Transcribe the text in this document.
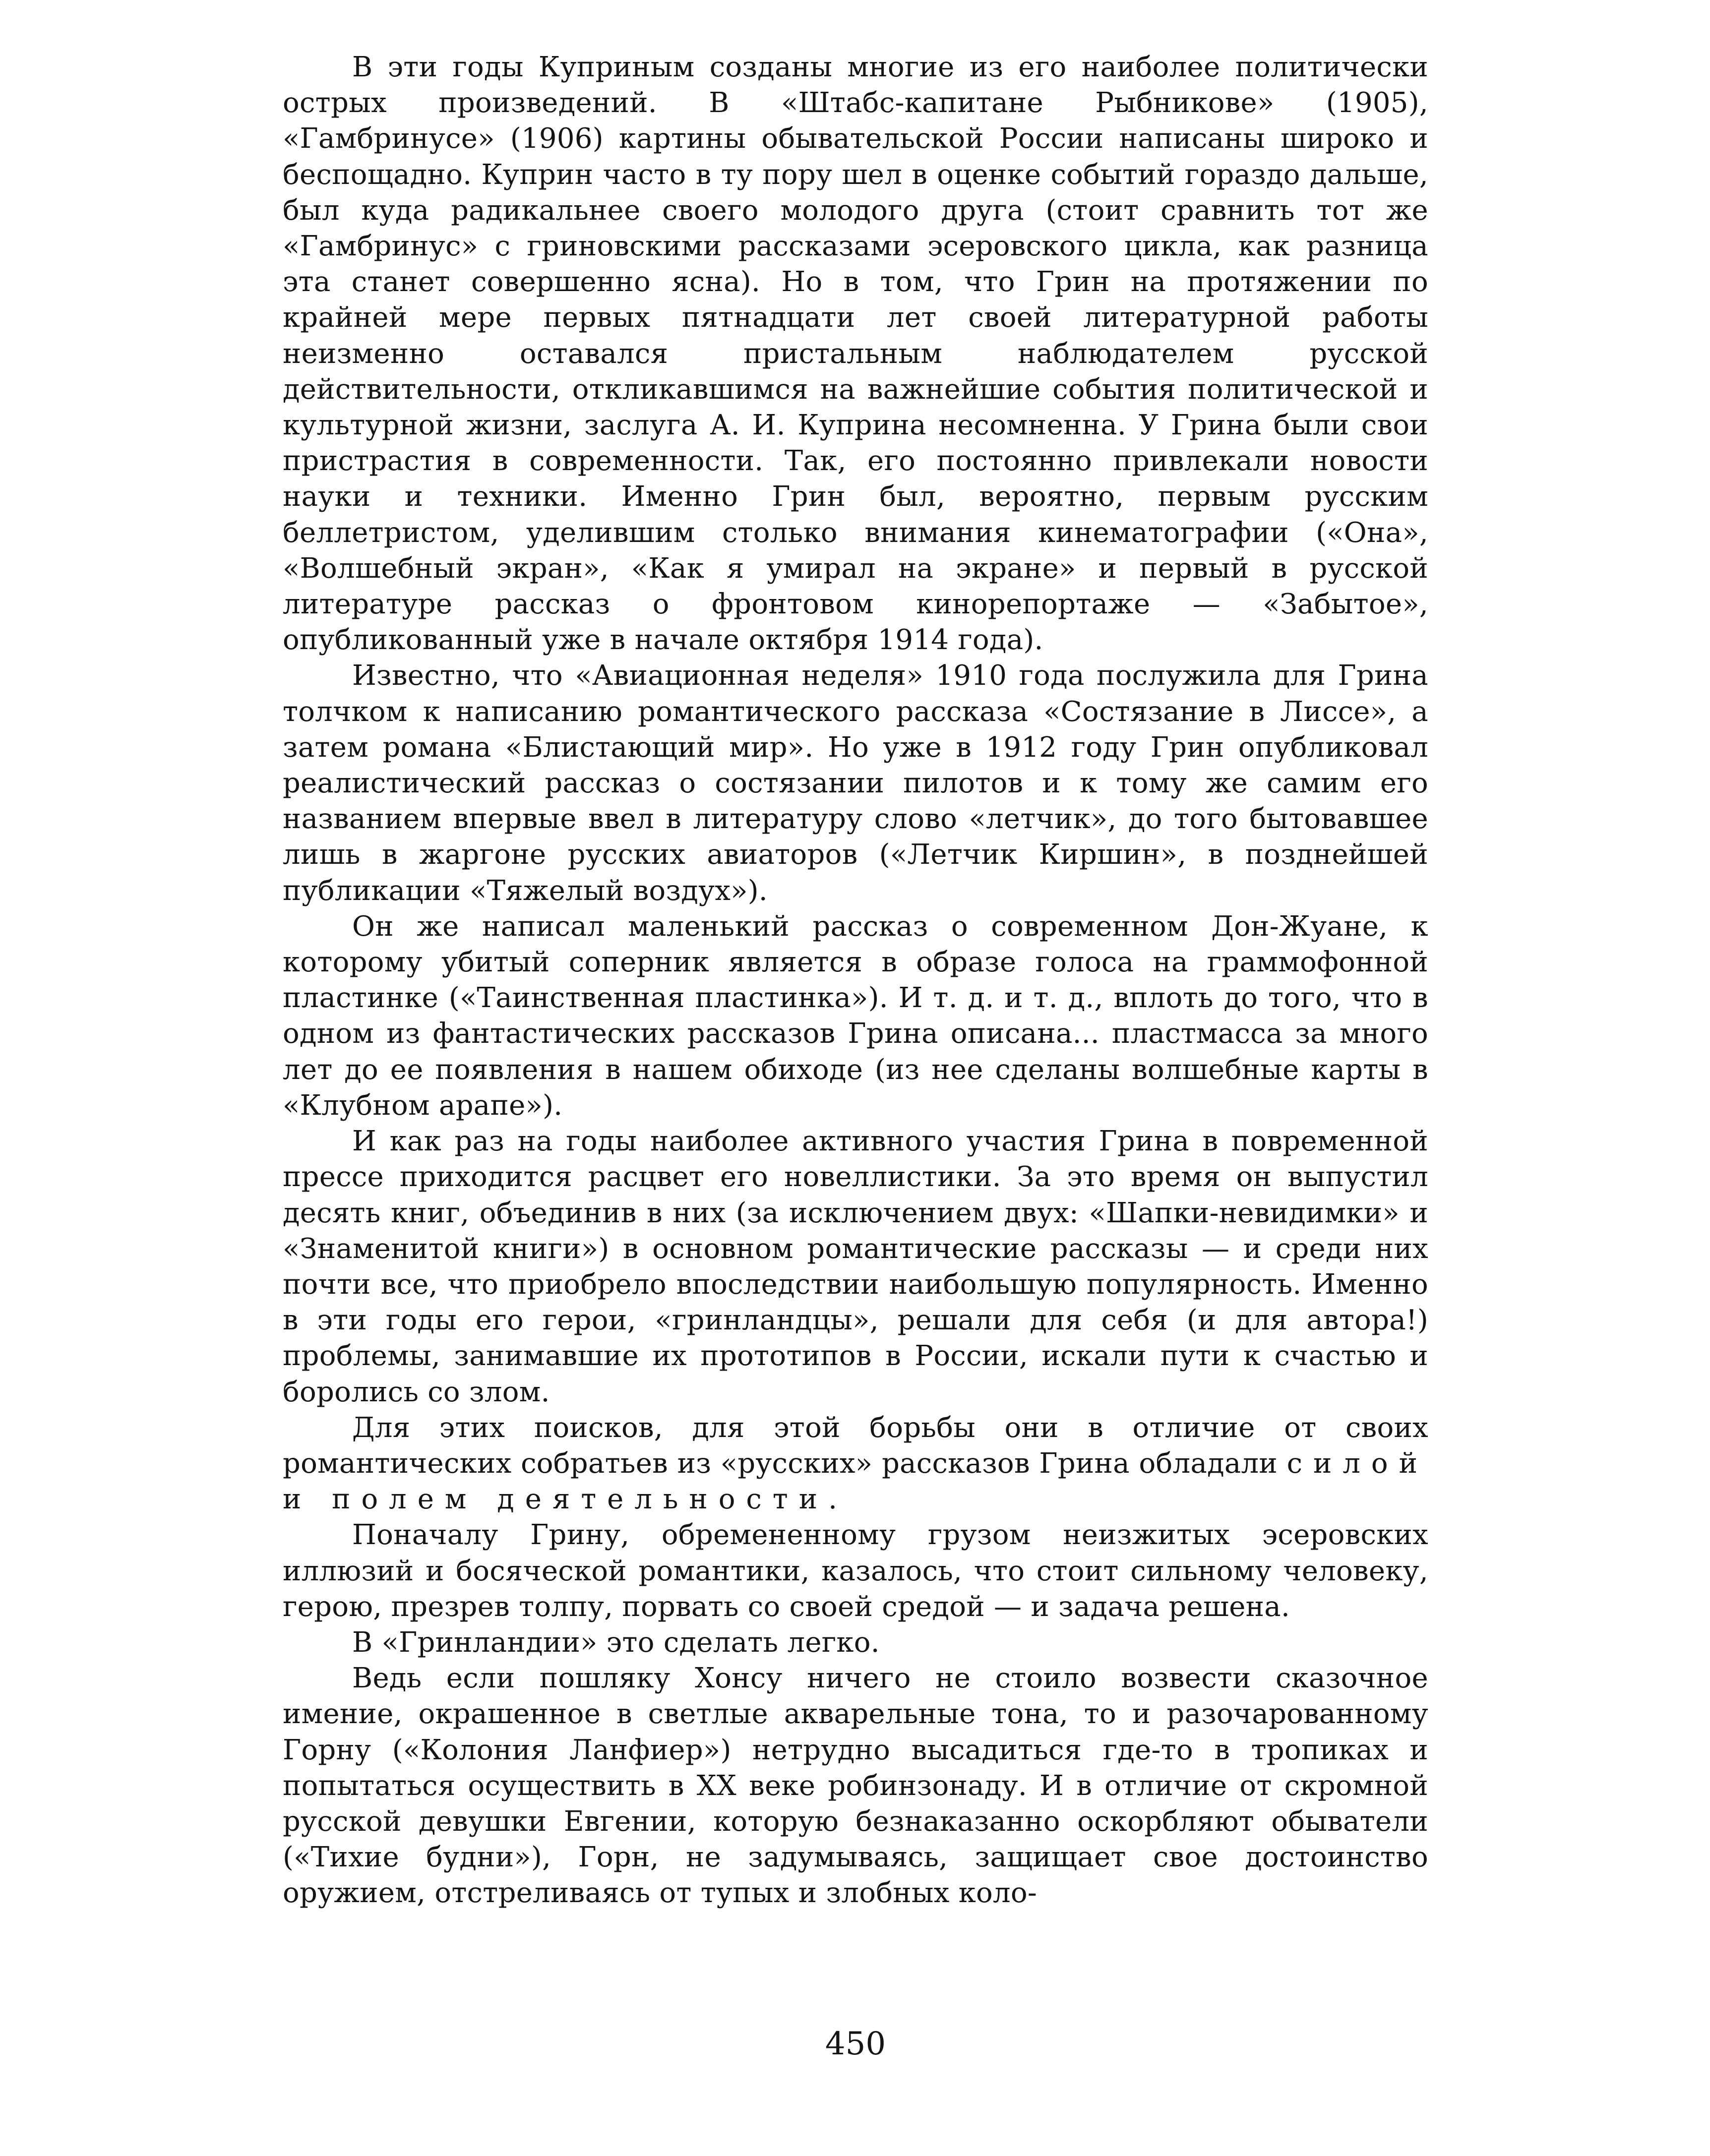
В эти годы Куприным созданы многие из его наиболее политически острых произведений. В «Штабс-капитане Рыбникове» (1905), «Гамбринусе» (1906) картины обывательской России написаны широко и беспощадно. Куприн часто в ту пору шел в оценке событий гораздо дальше, был куда радикальнее своего молодого друга (стоит сравнить тот же «Гамбринус» с гриновскими рассказами эсеровского цикла, как разница эта станет совершенно ясна). Но в том, что Грин на протяжении по крайней мере первых пятнадцати лет своей литературной работы неизменно оставался пристальным наблюдателем русской действительности, откликавшимся на важнейшие события политической и культурной жизни, заслуга А. И. Куприна несомненна. У Грина были свои пристрастия в современности. Так, его постоянно привлекали новости науки и техники. Именно Грин был, вероятно, первым русским беллетристом, уделившим столько внимания кинематографии («Она», «Волшебный экран», «Как я умирал на экране» и первый в русской литературе рассказ о фронтовом кинорепортаже — «Забытое», опубликованный уже в начале октября 1914 года).

Известно, что «Авиационная неделя» 1910 года послужила для Грина толчком к написанию романтического рассказа «Состязание в Лиссе», а затем романа «Блистающий мир». Но уже в 1912 году Грин опубликовал реалистический рассказ о состязании пилотов и к тому же самим его названием впервые ввел в литературу слово «летчик», до того бытовавшее лишь в жаргоне русских авиаторов («Летчик Киршин», в позднейшей публикации «Тяжелый воздух»).

Он же написал маленький рассказ о современном Дон-Жуане, к которому убитый соперник является в образе голоса на граммофонной пластинке («Таинственная пластинка»). И т. д. и т. д., вплоть до того, что в одном из фантастических рассказов Грина описана... пластмасса за много лет до ее появления в нашем обиходе (из нее сделаны волшебные карты в «Клубном арапе»).

И как раз на годы наиболее активного участия Грина в повременной прессе приходится расцвет его новеллистики. За это время он выпустил десять книг, объединив в них (за исключением двух: «Шапки-невидимки» и «Знаменитой книги») в основном романтические рассказы — и среди них почти все, что приобрело впоследствии наибольшую популярность. Именно в эти годы его герои, «гринландцы», решали для себя (и для автора!) проблемы, занимавшие их прототипов в России, искали пути к счастью и боролись со злом.

Для этих поисков, для этой борьбы они в отличие от своих романтических собратьев из «русских» рассказов Грина обладали силой и полем деятельности.

Поначалу Грину, обремененному грузом неизжитых эсеровских иллюзий и босяческой романтики, казалось, что стоит сильному человеку, герою, презрев толпу, порвать со своей средой — и задача решена.

В «Гринландии» это сделать легко.

Ведь если пошляку Хонсу ничего не стоило возвести сказочное имение, окрашенное в светлые акварельные тона, то и разочарованному Горну («Колония Ланфиер») нетрудно высадиться где-то в тропиках и попытаться осуществить в XX веке робинзонаду. И в отличие от скромной русской девушки Евгении, которую безнаказанно оскорбляют обыватели («Тихие будни»), Горн, не задумываясь, защищает свое достоинство оружием, отстреливаясь от тупых и злобных коло-

450
